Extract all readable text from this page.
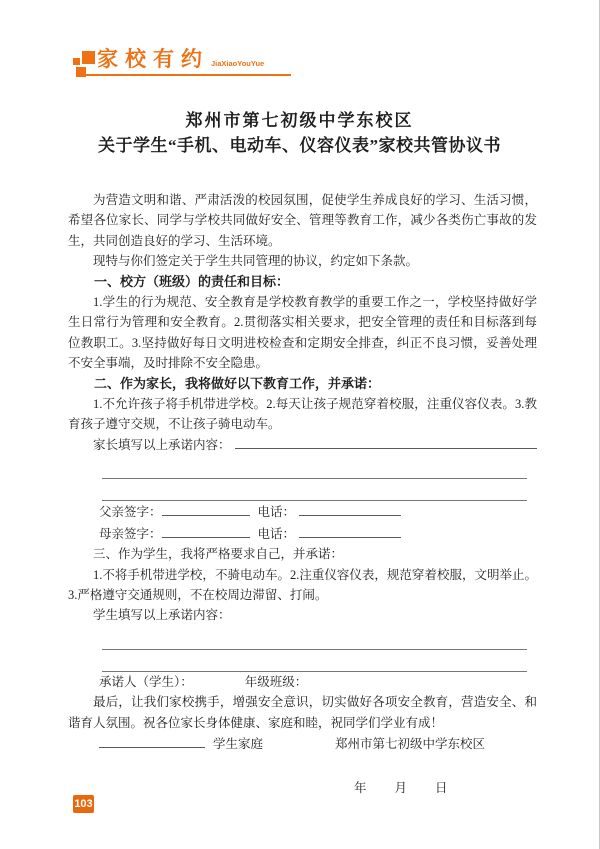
家校有约 JiaXiaoYouYue
郑州市第七初级中学东校区
关于学生“手机、电动车、仪容仪表”家校共管协议书

为营造文明和谐、严肃活泼的校园氛围，促使学生养成良好的学习、生活习惯，希望各位家长、同学与学校共同做好安全、管理等教育工作，减少各类伤亡事故的发生，共同创造良好的学习、生活环境。

现特与你们签定关于学生共同管理的协议，约定如下条款。

一、校方（班级）的责任和目标：

1.学生的行为规范、安全教育是学校教育教学的重要工作之一，学校坚持做好学生日常行为管理和安全教育。2.贯彻落实相关要求，把安全管理的责任和目标落到每位教职工。3.坚持做好每日文明进校检查和定期安全排查，纠正不良习惯，妥善处理不安全事端，及时排除不安全隐患。

二、作为家长，我将做好以下教育工作，并承诺：

1.不允许孩子将手机带进学校。2.每天让孩子规范穿着校服，注重仪容仪表。3.教育孩子遵守交规，不让孩子骑电动车。

家长填写以上承诺内容：
父亲签字：	电话：
母亲签字：	电话：

三、作为学生，我将严格要求自己，并承诺：

1.不将手机带进学校，不骑电动车。2.注重仪容仪表，规范穿着校服，文明举止。3.严格遵守交通规则，不在校周边滞留、打闹。

学生填写以上承诺内容：
承诺人（学生）：	年级班级：

最后，让我们家校携手，增强安全意识，切实做好各项安全教育，营造安全、和谐育人氛围。祝各位家长身体健康、家庭和睦，祝同学们学业有成！

学生家庭	郑州市第七初级中学东校区
年 月 日
103
